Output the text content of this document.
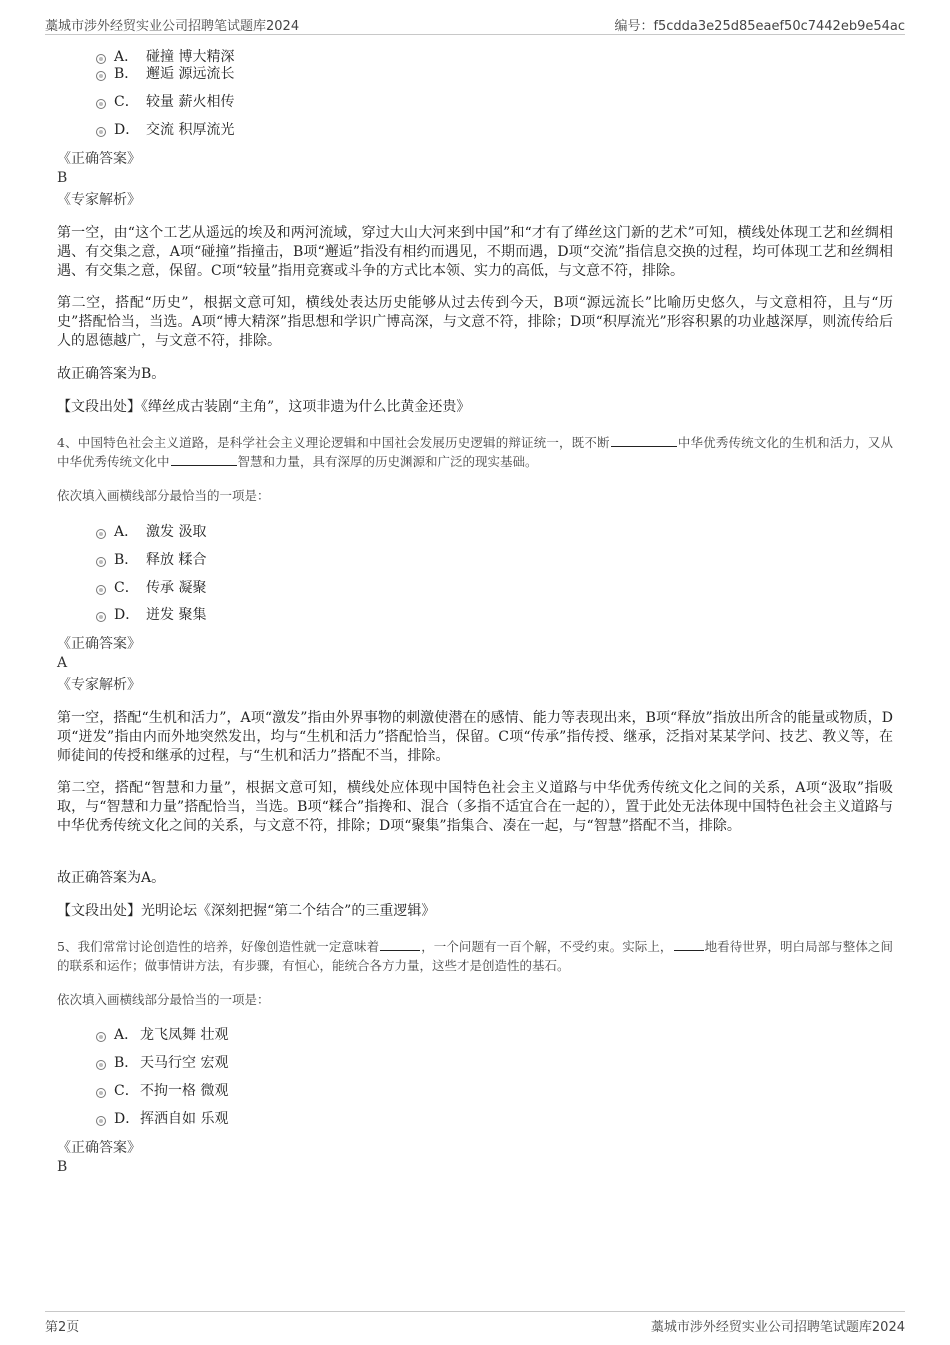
藁城市涉外经贸实业公司招聘笔试题库2024	编号：f5cdda3e25d85eaef50c7442eb9e54ac
A． 碰撞 博大精深
B． 邂逅 源远流长
C． 较量 薪火相传
D． 交流 积厚流光
《正确答案》
B
《专家解析》
第一空，由“这个工艺从遥远的埃及和两河流域，穿过大山大河来到中国”和“才有了缂丝这门新的艺术”可知，横线处体现工艺和丝绸相遇、有交集之意，A项“碰撞”指撞击，B项“邂逅”指没有相约而遇见，不期而遇，D项“交流”指信息交换的过程，均可体现工艺和丝绸相遇、有交集之意，保留。C项“较量”指用竞赛或斗争的方式比本领、实力的高低，与文意不符，排除。
第二空，搭配“历史”，根据文意可知，横线处表达历史能够从过去传到今天，B项“源远流长”比喻历史悠久，与文意相符，且与“历史”搭配恰当，当选。A项“博大精深”指思想和学识广博高深，与文意不符，排除；D项“积厚流光”形容积累的功业越深厚，则流传给后人的恩德越广，与文意不符，排除。
故正确答案为B。
【文段出处】《缂丝成古装剧“主角”，这项非遗为什么比黄金还贵》
4、中国特色社会主义道路，是科学社会主义理论逻辑和中国社会发展历史逻辑的辩证统一，既不断	中华优秀传统文化的生机和活力，又从中华优秀传统文化中	智慧和力量，具有深厚的历史渊源和广泛的现实基础。
依次填入画横线部分最恰当的一项是：
A． 激发 汲取
B． 释放 糅合
C． 传承 凝聚
D． 迸发 聚集
《正确答案》
A
《专家解析》
第一空，搭配“生机和活力”，A项“激发”指由外界事物的刺激使潜在的感情、能力等表现出来，B项“释放”指放出所含的能量或物质，D项“迸发”指由内而外地突然发出，均与“生机和活力”搭配恰当，保留。C项“传承”指传授、继承，泛指对某某学问、技艺、教义等，在师徒间的传授和继承的过程，与“生机和活力”搭配不当，排除。
第二空，搭配“智慧和力量”，根据文意可知，横线处应体现中国特色社会主义道路与中华优秀传统文化之间的关系，A项“汲取”指吸取，与“智慧和力量”搭配恰当，当选。B项“糅合”指搀和、混合（多指不适宜合在一起的），置于此处无法体现中国特色社会主义道路与中华优秀传统文化之间的关系，与文意不符，排除；D项“聚集”指集合、凑在一起，与“智慧”搭配不当，排除。
故正确答案为A。
【文段出处】光明论坛《深刻把握“第二个结合”的三重逻辑》
5、我们常常讨论创造性的培养，好像创造性就一定意味着	，一个问题有一百个解，不受约束。实际上，	地看待世界，明白局部与整体之间的联系和运作；做事情讲方法，有步骤，有恒心，能统合各方力量，这些才是创造性的基石。
依次填入画横线部分最恰当的一项是：
A． 龙飞凤舞 壮观
B． 天马行空 宏观
C．不拘一格 微观
D．挥洒自如 乐观
《正确答案》
B
第2页	藁城市涉外经贸实业公司招聘笔试题库2024
